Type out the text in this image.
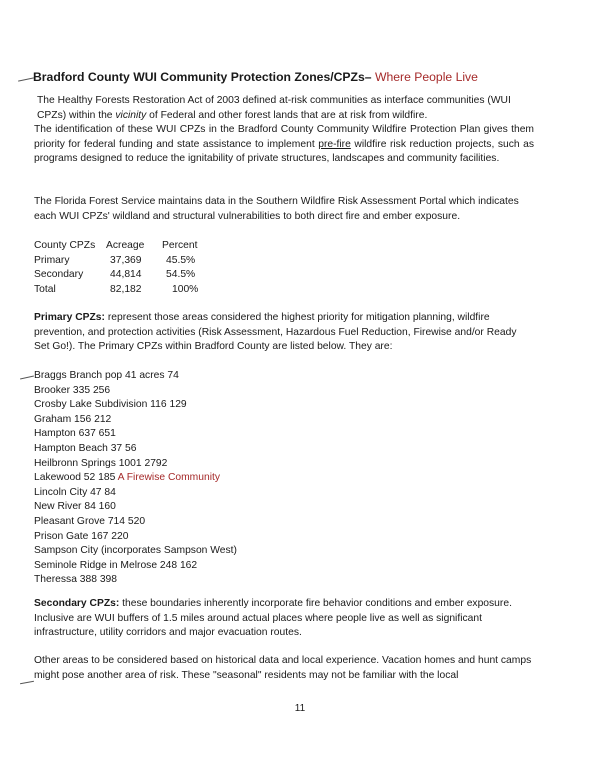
Bradford County WUI Community Protection Zones/CPZs– Where People Live

The Healthy Forests Restoration Act of 2003 defined at-risk communities as interface communities (WUI CPZs) within the vicinity of Federal and other forest lands that are at risk from wildfire.

The identification of these WUI CPZs in the Bradford County Community Wildfire Protection Plan gives them priority for federal funding and state assistance to implement pre-fire wildfire risk reduction projects, such as programs designed to reduce the ignitability of private structures, landscapes and community facilities.

The Florida Forest Service maintains data in the Southern Wildfire Risk Assessment Portal which indicates each WUI CPZs' wildland and structural vulnerabilities to both direct fire and ember exposure.

County CPZs	Acreage	Percent
Primary	37,369	45.5%
Secondary	44,814	54.5%
Total	82,182	100%

Primary CPZs: represent those areas considered the highest priority for mitigation planning, wildfire prevention, and protection activities (Risk Assessment, Hazardous Fuel Reduction, Firewise and/or Ready Set Go!). The Primary CPZs within Bradford County are listed below. They are:

Braggs Branch pop 41 acres 74
Brooker 335 256
Crosby Lake Subdivision 116 129
Graham 156 212
Hampton 637 651
Hampton Beach 37 56
Heilbronn Springs 1001 2792
Lakewood 52 185 A Firewise Community
Lincoln City 47 84
New River 84 160
Pleasant Grove 714 520
Prison Gate 167 220
Sampson City (incorporates Sampson West)
Seminole Ridge in Melrose 248 162
Theressa 388 398

Secondary CPZs: these boundaries inherently incorporate fire behavior conditions and ember exposure. Inclusive are WUI buffers of 1.5 miles around actual places where people live as well as significant infrastructure, utility corridors and major evacuation routes.

Other areas to be considered based on historical data and local experience. Vacation homes and hunt camps might pose another area of risk. These "seasonal" residents may not be familiar with the local

11
